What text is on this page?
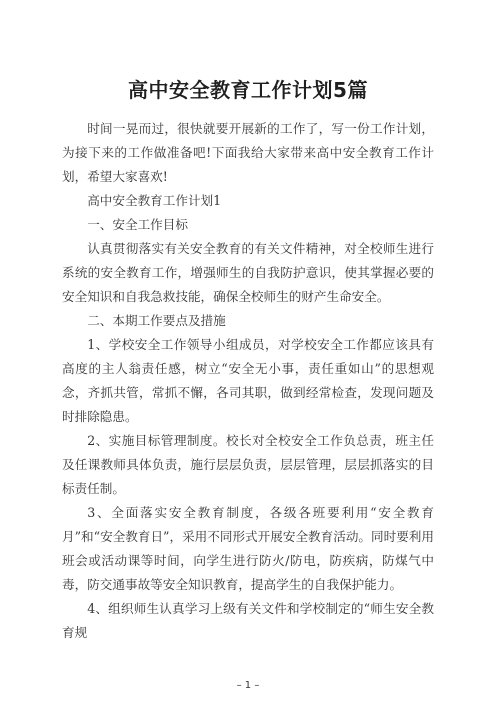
高中安全教育工作计划5篇

时间一晃而过，很快就要开展新的工作了，写一份工作计划，为接下来的工作做准备吧!下面我给大家带来高中安全教育工作计划，希望大家喜欢!

高中安全教育工作计划1

一、安全工作目标

认真贯彻落实有关安全教育的有关文件精神，对全校师生进行系统的安全教育工作，增强师生的自我防护意识，使其掌握必要的安全知识和自我急救技能，确保全校师生的财产生命安全。

二、本期工作要点及措施

1、学校安全工作领导小组成员，对学校安全工作都应该具有高度的主人翁责任感，树立“安全无小事，责任重如山”的思想观念，齐抓共管，常抓不懈，各司其职，做到经常检查，发现问题及时排除隐患。

2、实施目标管理制度。校长对全校安全工作负总责，班主任及任课教师具体负责，施行层层负责，层层管理，层层抓落实的目标责任制。

3、全面落实安全教育制度，各级各班要利用“安全教育月”和“安全教育日”，采用不同形式开展安全教育活动。同时要利用班会或活动课等时间，向学生进行防火/防电，防疾病，防煤气中毒，防交通事故等安全知识教育，提高学生的自我保护能力。

4、组织师生认真学习上级有关文件和学校制定的“师生安全教育规

– 1 –
